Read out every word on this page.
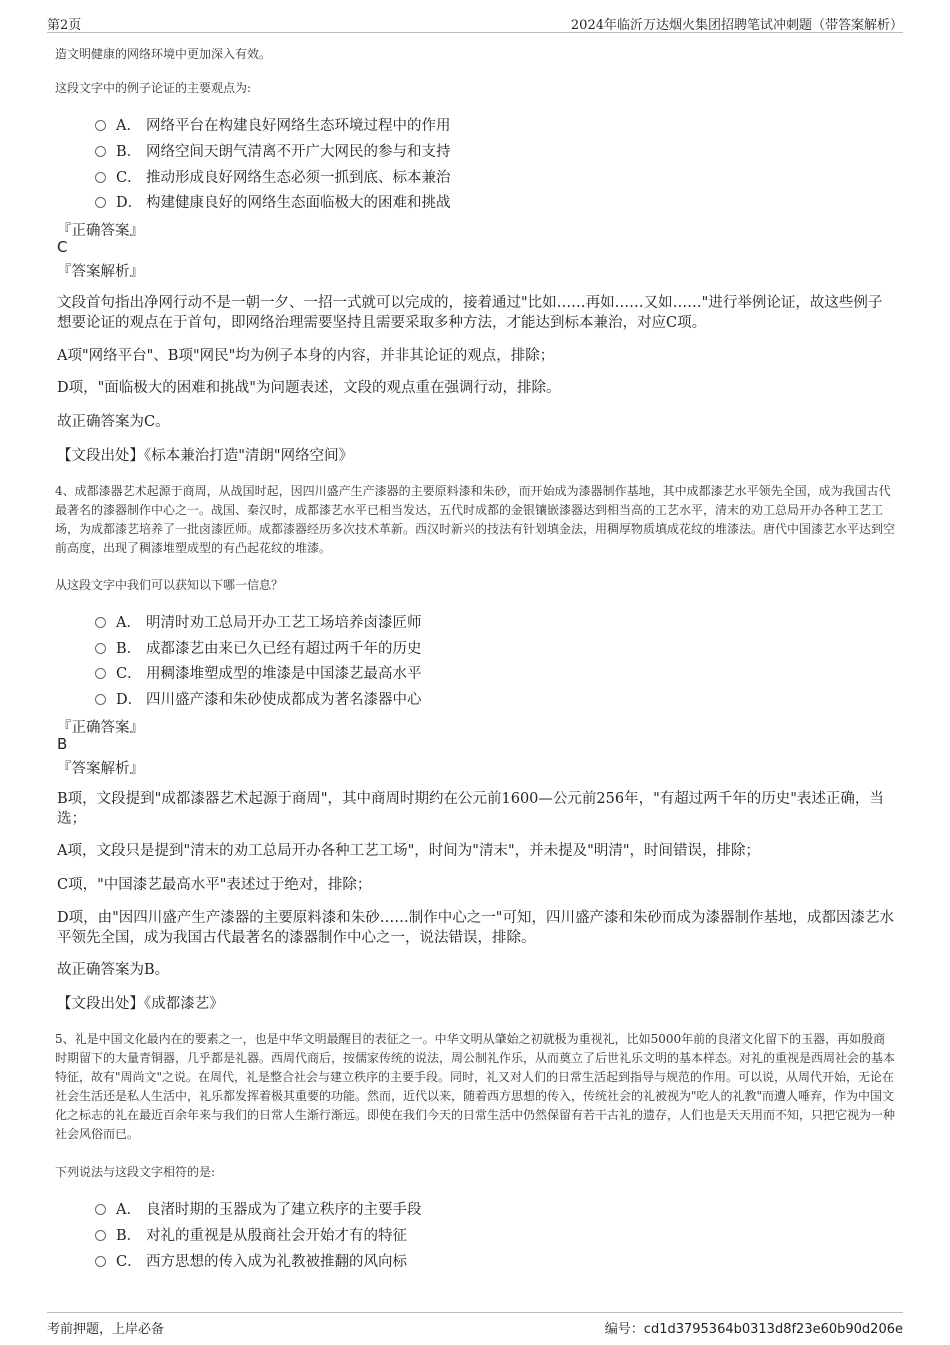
第2页	2024年临沂万达烟火集团招聘笔试冲刺题（带答案解析）
造文明健康的网络环境中更加深入有效。
这段文字中的例子论证的主要观点为:
A． 网络平台在构建良好网络生态环境过程中的作用
B． 网络空间天朗气清离不开广大网民的参与和支持
C． 推动形成良好网络生态必须一抓到底、标本兼治
D． 构建健康良好的网络生态面临极大的困难和挑战
『正确答案』
C
『答案解析』
文段首句指出净网行动不是一朝一夕、一招一式就可以完成的，接着通过"比如……再如……又如……"进行举例论证，故这些例子想要论证的观点在于首句，即网络治理需要坚持且需要采取多种方法，才能达到标本兼治，对应C项。
A项"网络平台"、B项"网民"均为例子本身的内容，并非其论证的观点，排除；
D项，"面临极大的困难和挑战"为问题表述，文段的观点重在强调行动，排除。
故正确答案为C。
【文段出处】《标本兼治打造"清朗"网络空间》
4、成都漆器艺术起源于商周，从战国时起，因四川盛产生产漆器的主要原料漆和朱砂，而开始成为漆器制作基地，其中成都漆艺水平领先全国，成为我国古代最著名的漆器制作中心之一。战国、秦汉时，成都漆艺水平已相当发达，五代时成都的金银镶嵌漆器达到相当高的工艺水平，清末的劝工总局开办各种工艺工场，为成都漆艺培养了一批卤漆匠师。成都漆器经历多次技术革新。西汉时新兴的技法有针划填金法，用稠厚物质填成花纹的堆漆法。唐代中国漆艺水平达到空前高度，出现了稠漆堆塑成型的有凸起花纹的堆漆。
从这段文字中我们可以获知以下哪一信息？
A． 明清时劝工总局开办工艺工场培养卤漆匠师
B． 成都漆艺由来已久已经有超过两千年的历史
C． 用稠漆堆塑成型的堆漆是中国漆艺最高水平
D． 四川盛产漆和朱砂使成都成为著名漆器中心
『正确答案』
B
『答案解析』
B项，文段提到"成都漆器艺术起源于商周"，其中商周时期约在公元前1600—公元前256年，"有超过两千年的历史"表述正确，当选；
A项，文段只是提到"清末的劝工总局开办各种工艺工场"，时间为"清末"，并未提及"明清"，时间错误，排除；
C项，"中国漆艺最高水平"表述过于绝对，排除；
D项，由"因四川盛产生产漆器的主要原料漆和朱砂……制作中心之一"可知，四川盛产漆和朱砂而成为漆器制作基地，成都因漆艺水平领先全国，成为我国古代最著名的漆器制作中心之一，说法错误，排除。
故正确答案为B。
【文段出处】《成都漆艺》
5、礼是中国文化最内在的要素之一，也是中华文明最醒目的表征之一。中华文明从肇始之初就极为重视礼，比如5000年前的良渚文化留下的玉器，再如殷商时期留下的大量青铜器，几乎都是礼器。西周代商后，按儒家传统的说法，周公制礼作乐，从而奠立了后世礼乐文明的基本样态。对礼的重视是西周社会的基本特征，故有"周尚文"之说。在周代，礼是整合社会与建立秩序的主要手段。同时，礼又对人们的日常生活起到指导与规范的作用。可以说，从周代开始，无论在社会生活还是私人生活中，礼乐都发挥着极其重要的功能。然而，近代以来，随着西方思想的传入，传统社会的礼被视为"吃人的礼教"而遭人唾弃，作为中国文化之标志的礼在最近百余年来与我们的日常人生渐行渐远。即使在我们今天的日常生活中仍然保留有若干古礼的遗存，人们也是天天用而不知，只把它视为一种社会风俗而已。
下列说法与这段文字相符的是:
A． 良渚时期的玉器成为了建立秩序的主要手段
B． 对礼的重视是从殷商社会开始才有的特征
C． 西方思想的传入成为礼教被推翻的风向标
考前押题，上岸必备	编号：cd1d3795364b0313d8f23e60b90d206e
